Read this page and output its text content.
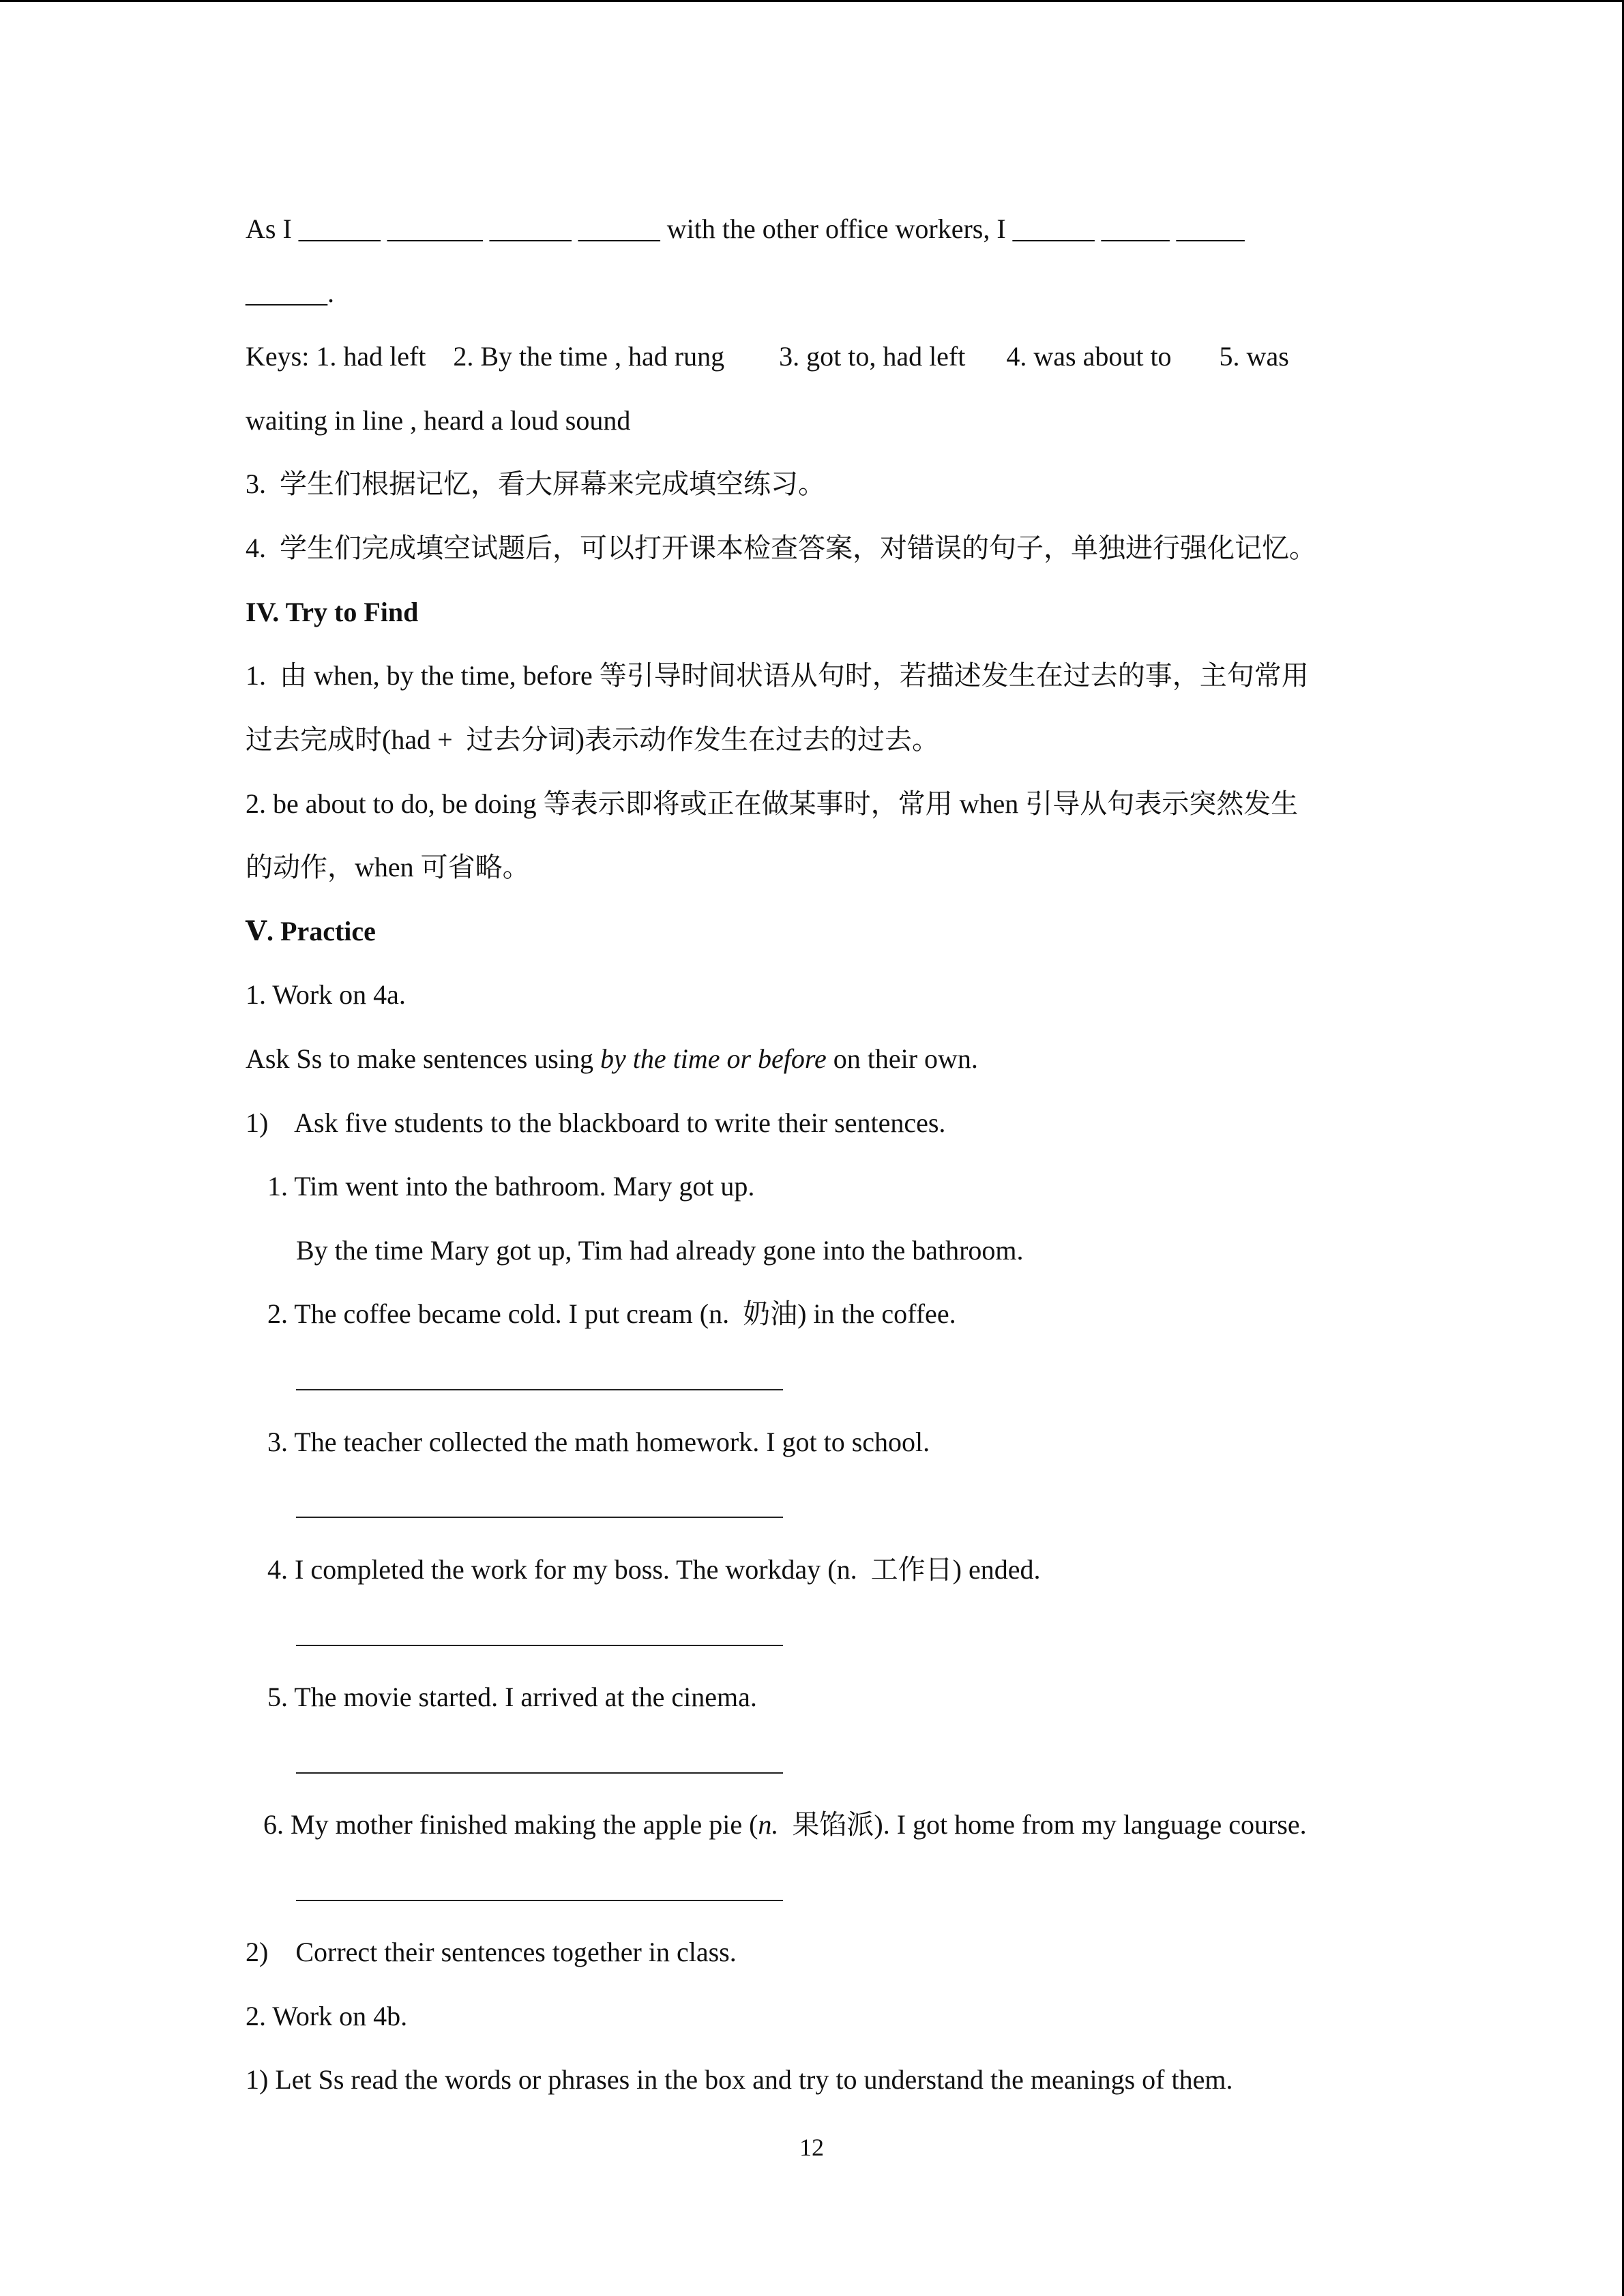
As I ______ _______ ______ ______ with the other office workers, I ______ _____ _____
______.
Keys: 1. had left    2. By the time , had rung        3. got to, had left      4. was about to       5. was
waiting in line , heard a loud sound
3.  学生们根据记忆，看大屏幕来完成填空练习。
4.  学生们完成填空试题后，可以打开课本检查答案，对错误的句子，单独进行强化记忆。
IV. Try to Find
1.  由 when, by the time, before 等引导时间状语从句时，若描述发生在过去的事，主句常用
过去完成时(had +  过去分词)表示动作发生在过去的过去。
2. be about to do, be doing 等表示即将或正在做某事时，常用 when 引导从句表示突然发生
的动作，when 可省略。
Ⅴ. Practice
1. Work on 4a.
Ask Ss to make sentences using by the time or before on their own.
1)    Ask five students to the blackboard to write their sentences.
1. Tim went into the bathroom. Mary got up.
By the time Mary got up, Tim had already gone into the bathroom.
2. The coffee became cold. I put cream (n.  奶油) in the coffee.
3. The teacher collected the math homework. I got to school.
4. I completed the work for my boss. The workday (n.  工作日) ended.
5. The movie started. I arrived at the cinema.
6. My mother finished making the apple pie (n.  果馅派). I got home from my language course.
2)    Correct their sentences together in class.
2. Work on 4b.
1) Let Ss read the words or phrases in the box and try to understand the meanings of them.
12
